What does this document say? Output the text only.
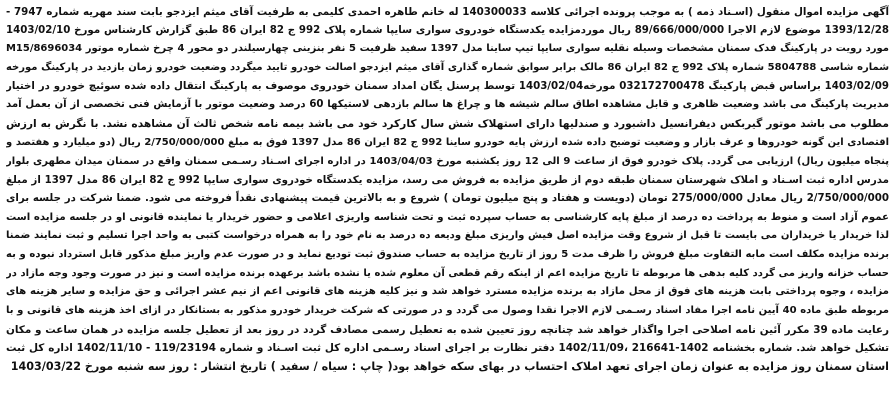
آگهی مزایده اموال منقول (اسـناد ذمه ) به موجب پرونده اجرائی کلاسه 140300033 له خانم طاهره احمدی کلیمی به طرفیت آقای میثم ایزدجو بابت سند مهریه شماره 7947 -
1393/12/28 موضوع لازم الاجرا 89/666/000/000 ریال موردمزایده یکدستگاه خودروی سواری سایپا شماره پلاک 992 ج 82 ایران 86 طبق گزارش کارشناس مورخ 1403/02/10
مورد رویت در پارکینگ فدک سمنان مشخصات وسیله نقلیه سواری سایپا تیپ ساینا مدل 1397 سفید ظرفیت 5 نفر بنزینی چهارسیلندر دو محور 4 چرخ شماره موتور M15/8696034
شماره شاسی 5804788 شماره پلاک 992 ج 82 ایران 86 مالک برابر سوابق شماره گذاری آقای میثم ایزدجو اصالت خودرو تایید میگردد وضعیت خودرو زمان بازدید در پارکینگ مورخه
1403/02/09 براساس قبض پارکینگ 032172700478 مورخه1403/02/04 توسط پرسنل یگان امداد سمنان خودروی موصوف به پارکینگ انتقال داده شده سوئیچ خودرو در اختیار
مدیریت پارکینگ می باشد وضعیت ظاهری و قابل مشاهده اطاق سالم شیشه ها و چراغ ها سالم بازدهی لاستیکها 60 درصد وضعیت موتور با آزمایش فنی تخصصی از آن بعمل آمد
مطلوب می باشد موتور گیربکس دیفرانسیل داشبورد و صندلیها دارای استهلاک شش سال کارکرد خود می باشد بیمه نامه شخص ثالث آن مشاهده نشد. با نگرش به ارزش
اقتصادی این گونه خودروها و عرف بازار و وضعیت توضیح داده شده ارزش پایه خودرو ساینا 992 ج 82 ایران 86 مدل 1397 فوق به مبلغ 2/750/000/000 ریال (دو میلیارد و هفتصد و
پنجاه میلیون ریال) ارزیابی می گردد. پلاک خودرو فوق از ساعت 9 الی 12 روز یکشنبه مورخ 1403/04/03 در اداره اجرای اسـناد رسـمی سمنان واقع در سمنان میدان مطهری بلوار
مدرس اداره ثبت اسـناد و املاک شهرستان سمنان طبقه دوم از طریق مزایده به فروش می رسد، مزایده یکدستگاه خودروی سواری سایپا 992 ج 82 ایران 86 مدل 1397 از مبلغ
2/750/000/000 ریال معادل 275/000/000 تومان (دویست و هفتاد و پنج میلیون تومان ) شروع و به بالاترین قیمت پیشنهادی نقداً فروخته می شود. ضمنا شرکت در جلسه برای
عموم آزاد است و منوط به پرداخت ده درصد از مبلغ پایه کارشناسی به حساب سپرده ثبت و تحت شناسه واریزی اعلامی و حضور خریدار یا نماینده قانونی او در جلسه مزایده است
لذا خریدار یا خریداران می بایست تا قبل از شروع وقت مزایده اصل فیش واریزی مبلغ ودیعه ده درصد به نام خود را به همراه درخواست کتبی به واحد اجرا تسلیم و ثبت نمایند ضمنا
برنده مزایده مکلف است مابه التفاوت مبلغ فروش را ظرف مدت 5 روز از تاریخ مزایده به حساب صندوق ثبت تودیع نماید و در صورت عدم واریز مبلغ مذکور قابل استرداد نبوده و به
حساب خزانه واریز می گردد کلیه بدهی ها مربوطه تا تاریخ مزایده اعم از اینکه رقم قطعی آن معلوم شده یا نشده باشد برعهده برنده مزایده است و نیز در صورت وجود وجه مازاد در
مزایده ، وجوه پرداختی بابت هزینه های فوق از محل مازاد به برنده مزایده مسترد خواهد شد و نیز کلیه هزینه های قانونی اعم از نیم عشر اجرائی و حق مزایده و سایر هزینه های
مربوطه طبق ماده 40 آیین نامه اجرا مفاد اسناد رسـمی لازم الاجرا نقدا وصول می گردد و در صورتی که شرکت خریدار خودرو مذکور به بستانکار در ازای اخذ هزینه های قانونی و با
رعایت ماده 39 مکرر آئین نامه اصلاحی اجرا واگذار خواهد شد چنانچه روز تعیین شده به تعطیل رسمی مصادف گردد در روز بعد از تعطیل جلسه مزایده در همان ساعت و مکان
تشکیل خواهد شد. شماره بخشنامه 1402-216641 ،1402/11/09 دفتر نظارت بر اجرای اسناد رسـمی اداره کل ثبت اسـناد و شماره 119/23194 - 1402/11/10 اداره کل ثبت
استان سمنان روز مزایده به عنوان زمان اجرای تعهد املاک احتساب در بهای سکه خواهد بود( چاپ : سیاه / سفید ) تاریخ انتشار : روز سه شنبه مورخ 1403/03/22
